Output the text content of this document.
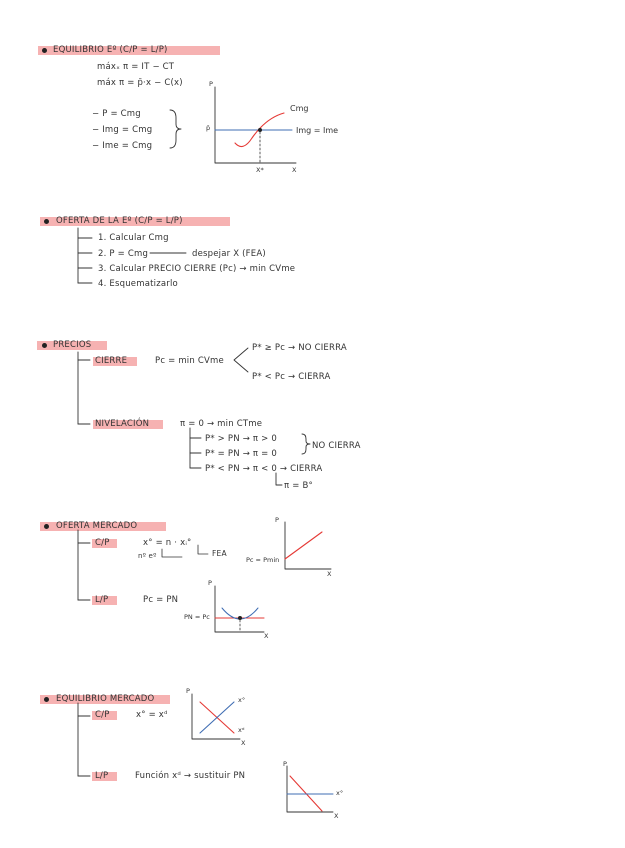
EQUILIBRIO Eº (C/P = L/P)
máxₓ π = IT − CT
máx π = p̄·x − C(x)
− P = Cmg
− Img = Cmg
− Ime = Cmg
P
p̄
Cmg
Img = Ime
X*	X
OFERTA DE LA Eº (C/P = L/P)
1. Calcular Cmg
2. P = Cmg	despejar X (FEA)
3. Calcular PRECIO CIERRE (Pc) → min CVme
4. Esquematizarlo
PRECIOS
CIERRE	Pc = min CVme
P* ≥ Pc → NO CIERRA
P* < Pc → CIERRA
NIVELACIÓN	π = 0 → min CTme
P* > PN → π > 0
P* = PN → π = 0
P* < PN → π < 0 → CIERRA
NO CIERRA
π = B°
OFERTA MERCADO
C/P	x° = n · xᵢ°
nº eº	FEA
L/P	Pc = PN
P
Pc = Pmin
X
P
PN = Pc
X
EQUILIBRIO MERCADO
C/P	x° = xᵈ
L/P	Función xᵈ → sustituir PN
P
x°
xᵈ
X
P
x°
X
